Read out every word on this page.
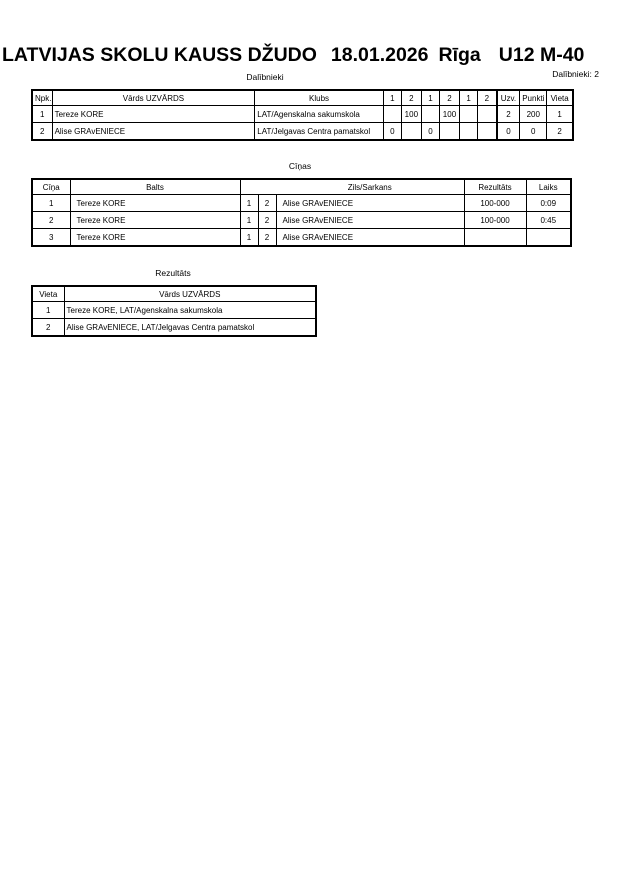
LATVIJAS SKOLU KAUSS DŽUDO 18.01.2026 Rīga U12 M-40
Dalībnieki: 2
Dalībnieki
Npk.	Vārds UZVĀRDS	Klubs	1	2	1	2	1	2	Uzv.	Punkti	Vieta
1	Tereze KORE	LAT/Agenskalna sakumskola		100		100			2	200	1
2	Alise GRAvENIECE	LAT/Jelgavas Centra pamatskol	0		0				0	0	2
Cīņas
Cīņa	Balts			Zils/Sarkans	Rezultāts	Laiks
1	Tereze KORE	1	2	Alise GRAvENIECE	100-000	0:09
2	Tereze KORE	1	2	Alise GRAvENIECE	100-000	0:45
3	Tereze KORE	1	2	Alise GRAvENIECE		
Rezultāts
Vieta	Vārds UZVĀRDS
1	Tereze KORE, LAT/Agenskalna sakumskola
2	Alise GRAvENIECE, LAT/Jelgavas Centra pamatskol
